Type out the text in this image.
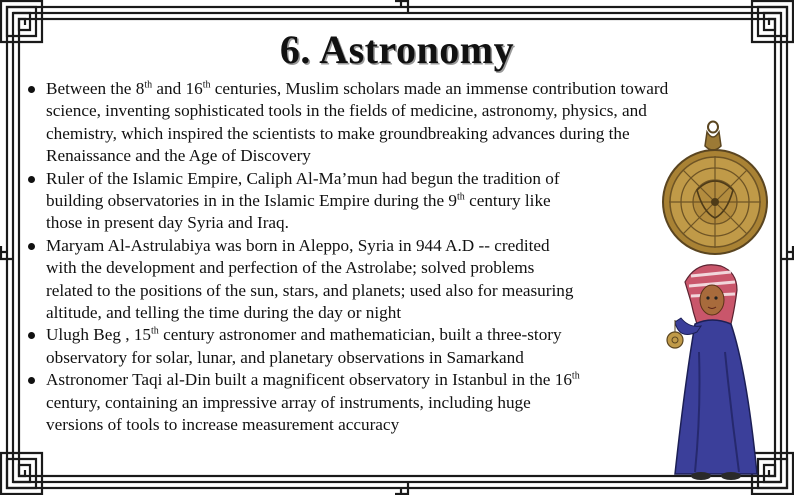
6. Astronomy
Between the 8th and 16th centuries, Muslim scholars made an immense contribution toward
science, inventing sophisticated tools in the fields of medicine, astronomy, physics, and
chemistry, which inspired the scientists to make groundbreaking advances during the
Renaissance and the Age of Discovery
Ruler of the Islamic Empire, Caliph Al-Ma’mun had begun the tradition of
building observatories in in the Islamic Empire during the 9th century like
those in present day Syria and Iraq.
Maryam Al-Astrulabiya was born in Aleppo, Syria in 944 A.D -- credited
with the development and perfection of the Astrolabe; solved problems
related to the positions of the sun, stars, and planets; used also for measuring
altitude, and telling the time during the day or night
Ulugh Beg , 15th century astronomer and mathematician, built a three-story
observatory for solar, lunar, and planetary observations in Samarkand
Astronomer Taqi al-Din built a magnificent observatory in Istanbul in the 16th
century, containing an impressive array of instruments, including huge
versions of tools to increase measurement accuracy
